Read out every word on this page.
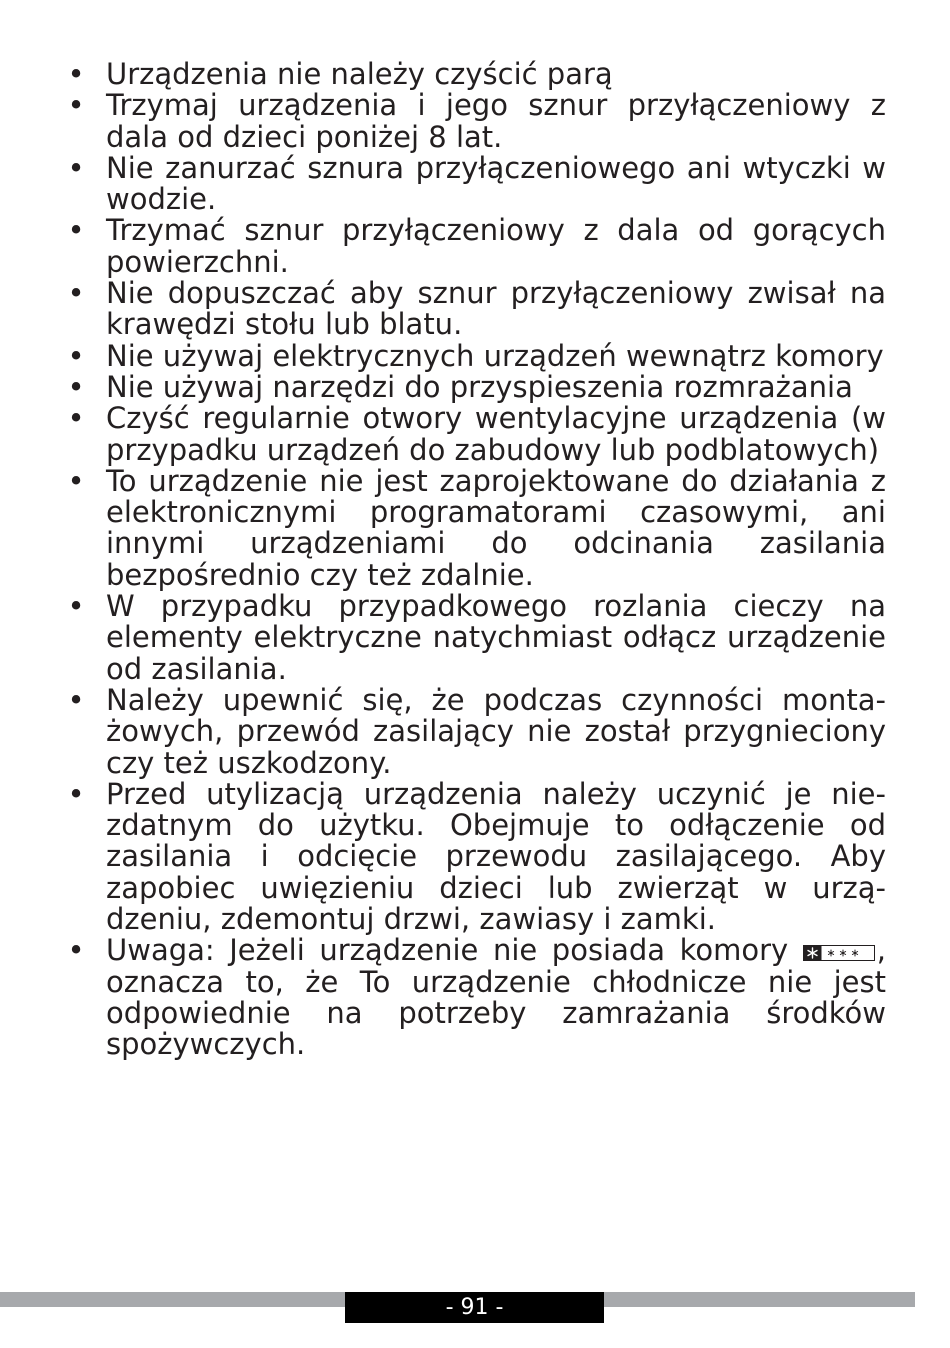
• Urządzenia nie należy czyścić parą
• Trzymaj urządzenia i jego sznur przyłączeniowy z dala od dzieci poniżej 8 lat.
• Nie zanurzać sznura przyłączeniowego ani wtyczki w wodzie.
• Trzymać sznur przyłączeniowy z dala od gorących powierzchni.
• Nie dopuszczać aby sznur przyłączeniowy zwisał na krawędzi stołu lub blatu.
• Nie używaj elektrycznych urządzeń wewnątrz komory
• Nie używaj narzędzi do przyspieszenia rozmrażania
• Czyść regularnie otwory wentylacyjne urządzenia (w przypadku urządzeń do zabudowy lub podblatowych)
• To urządzenie nie jest zaprojektowane do działania z elektronicznymi programatorami czasowymi, ani innymi urządzeniami do odcinania zasilania bezpośrednio czy też zdalnie.
• W przypadku przypadkowego rozlania cieczy na elementy elektryczne natychmiast odłącz urządzenie od zasilania.
• Należy upewnić się, że podczas czynności montażowych, przewód zasilający nie został przygnieciony czy też uszkodzony.
• Przed utylizacją urządzenia należy uczynić je niezdatnym do użytku. Obejmuje to odłączenie od zasilania i odcięcie przewodu zasilającego. Aby zapobiec uwięzieniu dzieci lub zwierząt w urządzeniu, zdemontuj drzwi, zawiasy i zamki.
• Uwaga: Jeżeli urządzenie nie posiada komory	, oznacza to, że To urządzenie chłodnicze nie jest odpowiednie na potrzeby zamrażania środków spożywczych.
- 91 -
